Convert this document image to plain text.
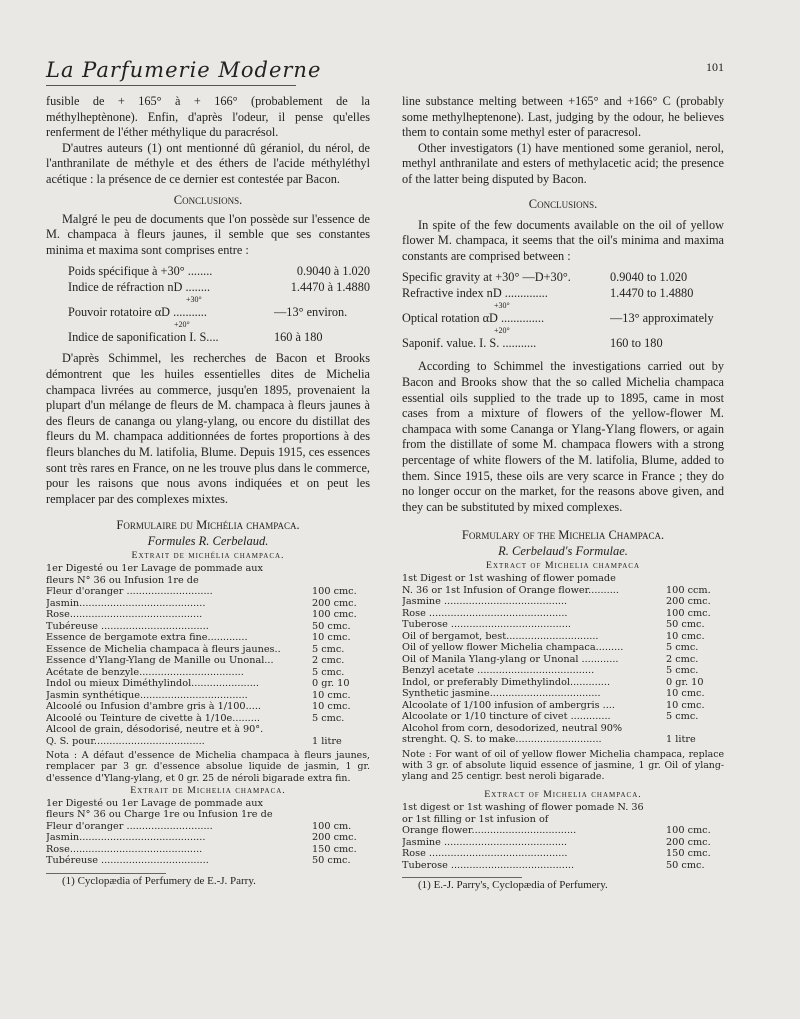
La Parfumerie Moderne	101

fusible de + 165° à + 166° (probablement de la méthylheptènone). Enfin, d'après l'odeur, il pense qu'elles renferment de l'éther méthylique du paracrésol.

D'autres auteurs (1) ont mentionné dû géraniol, du nérol, de l'anthranilate de méthyle et des éthers de l'acide méthyléthyl acétique : la présence de ce dernier est contestée par Bacon.

Conclusions.

Malgré le peu de documents que l'on possède sur l'essence de M. champaca à fleurs jaunes, il semble que ses constantes minima et maxima sont comprises entre :

Poids spécifique à +30° ........	0.9040 à 1.020
Indice de réfraction nD ........	1.4470 à 1.4880
+30°
Pouvoir rotatoire αD ...........	—13° environ.
+20°
Indice de saponification I. S....	160 à 180

D'après Schimmel, les recherches de Bacon et Brooks démontrent que les huiles essentielles dites de Michelia champaca livrées au commerce, jusqu'en 1895, provenaient la plupart d'un mélange de fleurs de M. champaca à fleurs jaunes à des fleurs de cananga ou ylang-ylang, ou encore du distillat des fleurs du M. champaca additionnées de fortes proportions à des fleurs blanches du M. latifolia, Blume. Depuis 1915, ces essences sont très rares en France, on ne les trouve plus dans le commerce, pour les raisons que nous avons indiquées et on peut les remplacer par des complexes mixtes.

Formulaire du Michélia champaca.

Formules R. Cerbelaud.

Extrait de michélia champaca.

1er Digesté ou 1er Lavage de pommade aux
fleurs N° 36 ou Infusion 1re de
Fleur d'oranger ............................	100 cmc.
Jasmin.........................................	200 cmc.
Rose...........................................	100 cmc.
Tubéreuse ...................................	50 cmc.
Essence de bergamote extra fine.............	10 cmc.
Essence de Michelia champaca à fleurs jaunes..	5 cmc.
Essence d'Ylang-Ylang de Manille ou Unonal...	2 cmc.
Acétate de benzyle..................................	5 cmc.
Indol ou mieux Diméthylindol......................	0 gr. 10
Jasmin synthétique...................................	10 cmc.
Alcoolé ou Infusion d'ambre gris à 1/100.....	10 cmc.
Alcoolé ou Teinture de civette à 1/10e.........	5 cmc.
Alcool de grain, désodorisé, neutre et à 90°.
Q. S. pour....................................	1 litre

Nota : A défaut d'essence de Michelia champaca à fleurs jaunes, remplacer par 3 gr. d'essence absolue liquide de jasmin, 1 gr. d'essence d'Ylang-ylang, et 0 gr. 25 de néroli bigarade extra fin.

Extrait de Michelia champaca.

1er Digesté ou 1er Lavage de pommade aux
fleurs N° 36 ou Charge 1re ou Infusion 1re de
Fleur d'oranger ............................	100 cm.
Jasmin.........................................	200 cmc.
Rose...........................................	150 cmc.
Tubéreuse ...................................	50 cmc.

(1) Cyclopædia of Perfumery de E.-J. Parry.

line substance melting between +165° and +166° C (probably some methylheptenone). Last, judging by the odour, he believes them to contain some methyl ester of paracresol.

Other investigators (1) have mentioned some geraniol, nerol, methyl anthranilate and esters of methylacetic acid; the presence of the latter being disputed by Bacon.

Conclusions.

In spite of the few documents available on the oil of yellow flower M. champaca, it seems that the oil's minima and maxima constants are comprised between :

Specific gravity at +30° —D+30°.	0.9040 to 1.020
Refractive index nD ..............	1.4470 to 1.4880
+30°
Optical rotation αD ..............	—13° approximately
+20°
Saponif. value. I. S. ...........	160 to 180

According to Schimmel the investigations carried out by Bacon and Brooks show that the so called Michelia champaca essential oils supplied to the trade up to 1895, came in most cases from a mixture of flowers of the yellow-flower M. champaca with some Cananga or Ylang-Ylang flowers, or again from the distillate of some M. champaca flowers with a strong percentage of white flowers of the M. latifolia, Blume, added to them. Since 1915, these oils are very scarce in France ; they do no longer occur on the market, for the reasons above given, and they can be substituted by mixed complexes.

Formulary of the Michelia Champaca.

R. Cerbelaud's Formulae.

Extract of Michelia champaca

1st Digest or 1st washing of flower pomade
N. 36 or 1st Infusion of Orange flower..........	100 ccm.
Jasmine ........................................	200 cmc.
Rose .............................................	100 cmc.
Tuberose .......................................	50 cmc.
Oil of bergamot, best..............................	10 cmc.
Oil of yellow flower Michelia champaca.........	5 cmc.
Oil of Manila Ylang-ylang or Unonal ............	2 cmc.
Benzyl acetate ......................................	5 cmc.
Indol, or preferably Dimethylindol.............	0 gr. 10
Synthetic jasmine....................................	10 cmc.
Alcoolate of 1/100 infusion of ambergris ....	10 cmc.
Alcoolate or 1/10 tincture of civet .............	5 cmc.
Alcohol from corn, desodorized, neutral 90%
strenght. Q. S. to make............................	1 litre

Note : For want of oil of yellow flower Michelia champaca, replace with 3 gr. of absolute liquid essence of jasmine, 1 gr. Oil of ylang-ylang and 25 centigr. best neroli bigarade.

Extract of Michelia champaca.

1st digest or 1st washing of flower pomade N. 36
or 1st filling or 1st infusion of
Orange flower..................................	100 cmc.
Jasmine ........................................	200 cmc.
Rose .............................................	150 cmc.
Tuberose ........................................	50 cmc.

(1) E.-J. Parry's, Cyclopædia of Perfumery.
